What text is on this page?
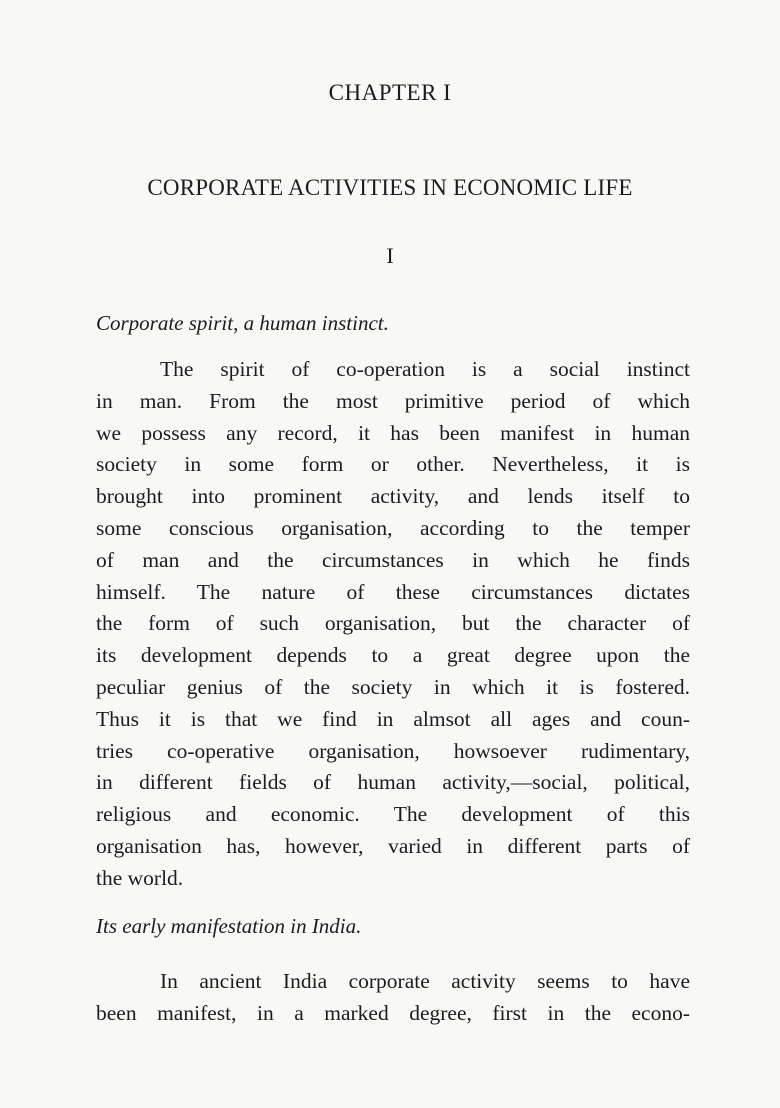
CHAPTER I
CORPORATE ACTIVITIES IN ECONOMIC LIFE
I
Corporate spirit, a human instinct.
The spirit of co-operation is a social instinct
in man. From the most primitive period of which
we possess any record, it has been manifest in human
society in some form or other. Nevertheless, it is
brought into prominent activity, and lends itself to
some conscious organisation, according to the temper
of man and the circumstances in which he finds
himself. The nature of these circumstances dictates
the form of such organisation, but the character of
its development depends to a great degree upon the
peculiar genius of the society in which it is fostered.
Thus it is that we find in almsot all ages and coun-
tries co-operative organisation, howsoever rudimentary,
in different fields of human activity,—social, political,
religious and economic. The development of this
organisation has, however, varied in different parts of
the world.
Its early manifestation in India.
In ancient India corporate activity seems to have
been manifest, in a marked degree, first in the econo-
